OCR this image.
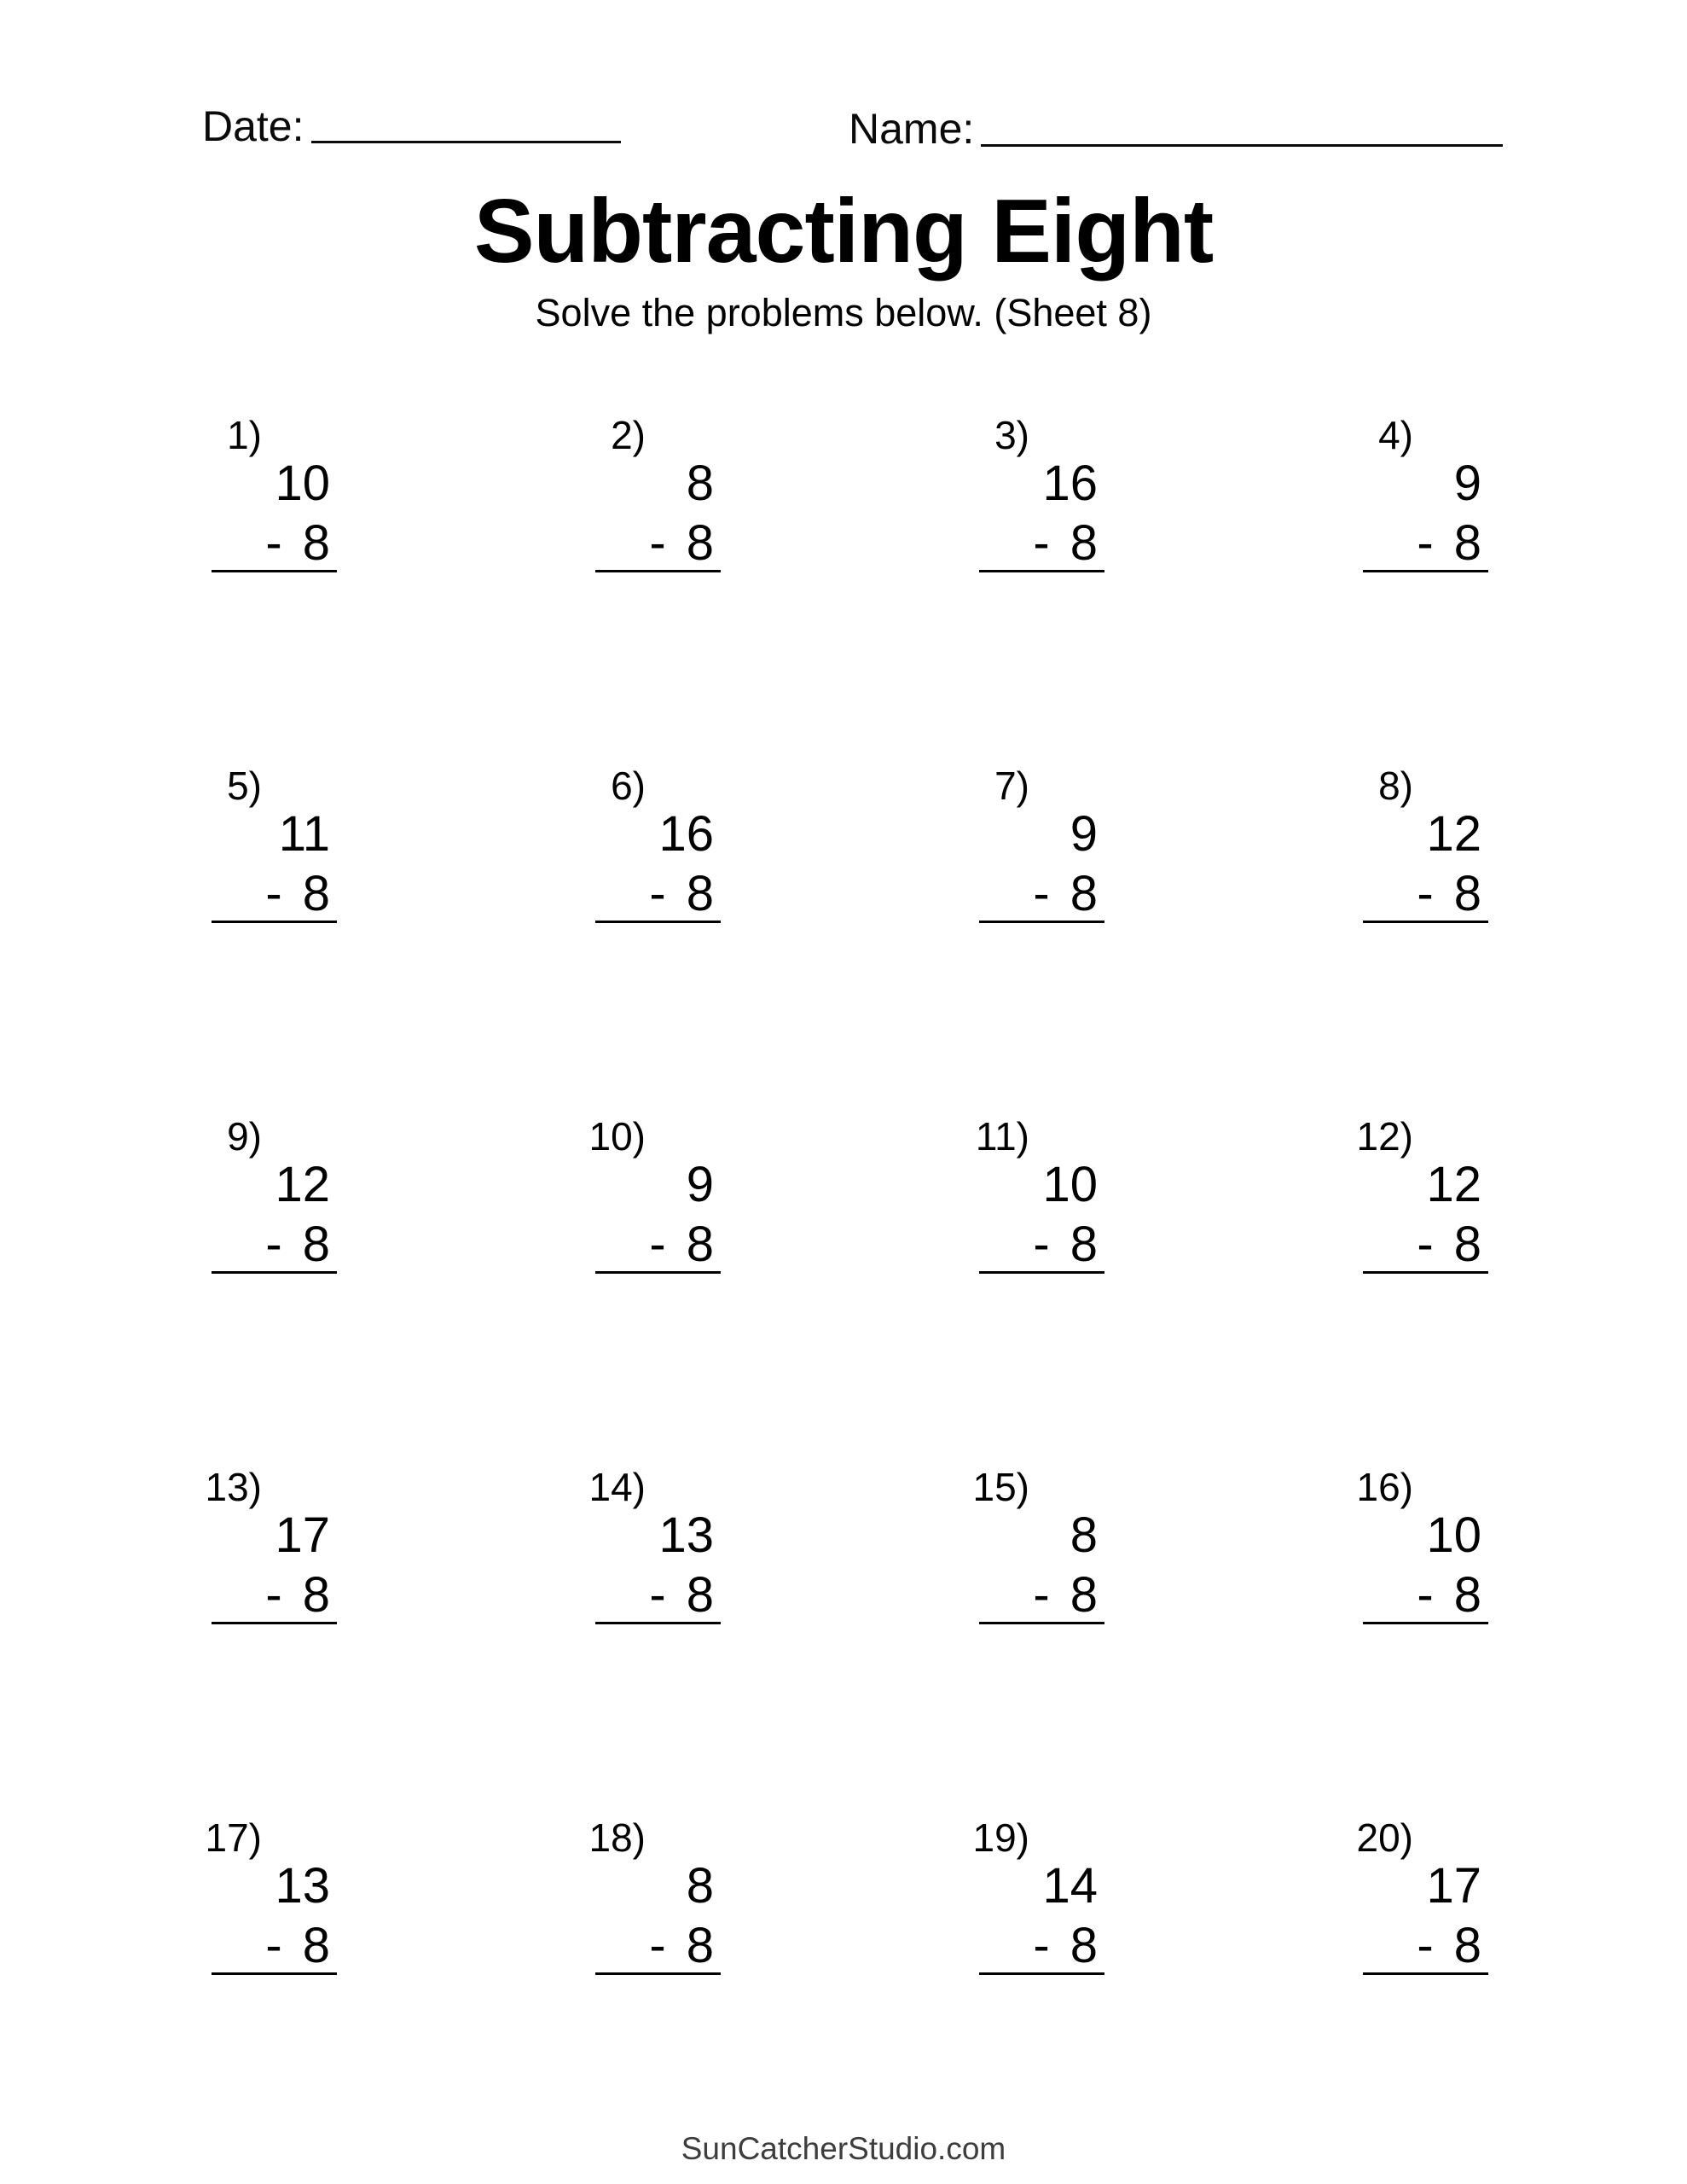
Date:	Name:
Subtracting Eight
Solve the problems below. (Sheet 8)
1)
10
- 8
2)
8
- 8
3)
16
- 8
4)
9
- 8
5)
11
- 8
6)
16
- 8
7)
9
- 8
8)
12
- 8
9)
12
- 8
10)
9
- 8
11)
10
- 8
12)
12
- 8
13)
17
- 8
14)
13
- 8
15)
8
- 8
16)
10
- 8
17)
13
- 8
18)
8
- 8
19)
14
- 8
20)
17
- 8
SunCatcherStudio.com
